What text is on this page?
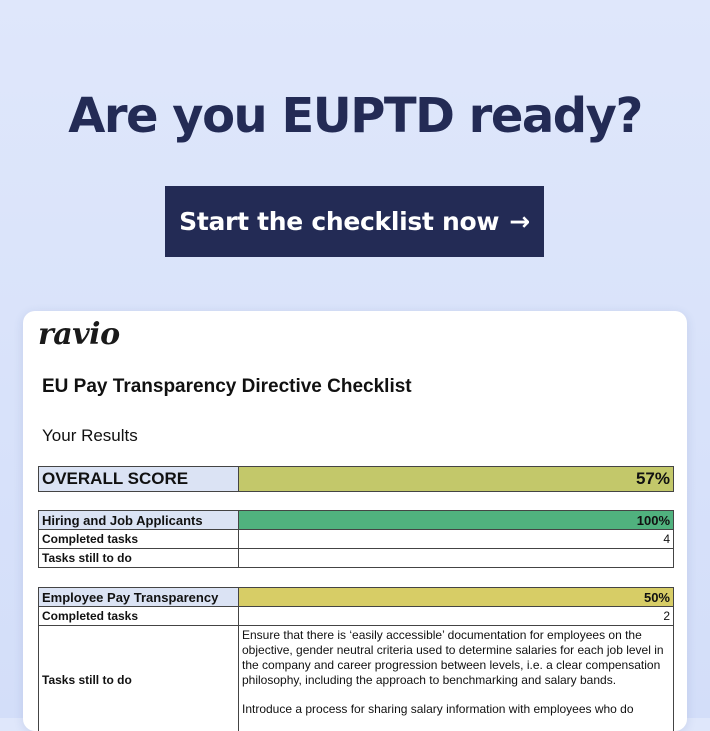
Are you EUPTD ready?
Start the checklist now →
ravio
EU Pay Transparency Directive Checklist
Your Results
OVERALL SCORE	57%
Hiring and Job Applicants	100%
Completed tasks	4
Tasks still to do	
Employee Pay Transparency	50%
Completed tasks	2
Tasks still to do	Ensure that there is ‘easily accessible’ documentation for employees on the objective, gender neutral criteria used to determine salaries for each job level in the company and career progression between levels, i.e. a clear compensation philosophy, including the approach to benchmarking and salary bands.

Introduce a process for sharing salary information with employees who do
